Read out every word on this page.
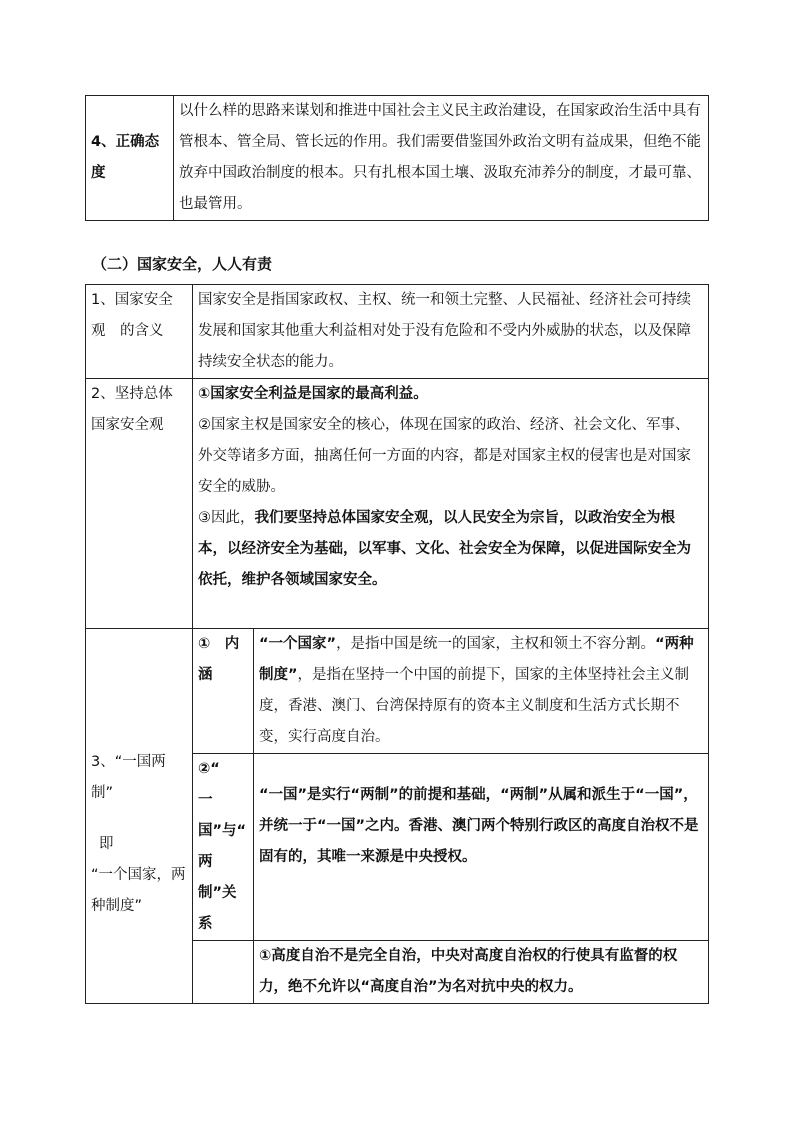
4、正确态度	以什么样的思路来谋划和推进中国社会主义民主政治建设，在国家政治生活中具有管根本、管全局、管长远的作用。我们需要借鉴国外政治文明有益成果，但绝不能放弃中国政治制度的根本。只有扎根本国土壤、汲取充沛养分的制度，才最可靠、也最管用。
（二）国家安全，人人有责
1、国家安全观　的含义	国家安全是指国家政权、主权、统一和领土完整、人民福祉、经济社会可持续发展和国家其他重大利益相对处于没有危险和不受内外威胁的状态，以及保障持续安全状态的能力。	
2、坚持总体国家安全观	①国家安全利益是国家的最高利益。
②国家主权是国家安全的核心，体现在国家的政治、经济、社会文化、军事、外交等诸多方面，抽离任何一方面的内容，都是对国家主权的侵害也是对国家安全的威胁。
③因此，我们要坚持总体国家安全观，以人民安全为宗旨，以政治安全为根本，以经济安全为基础，以军事、文化、社会安全为保障，以促进国际安全为依托，维护各领域国家安全。	

3、“一国两制”
即
“一个国家，两种制度”	①　内涵	“一个国家”，是指中国是统一的国家，主权和领土不容分割。“两种制度”，是指在坚持一个中国的前提下，国家的主体坚持社会主义制度，香港、澳门、台湾保持原有的资本主义制度和生活方式长期不变，实行高度自治。
	②“　一国”与“　两制”关系	“一国”是实行“两制”的前提和基础，“两制”从属和派生于“一国”，并统一于“一国”之内。香港、澳门两个特别行政区的高度自治权不是固有的，其唯一来源是中央授权。
		①高度自治不是完全自治，中央对高度自治权的行使具有监督的权力，绝不允许以“高度自治”为名对抗中央的权力。
